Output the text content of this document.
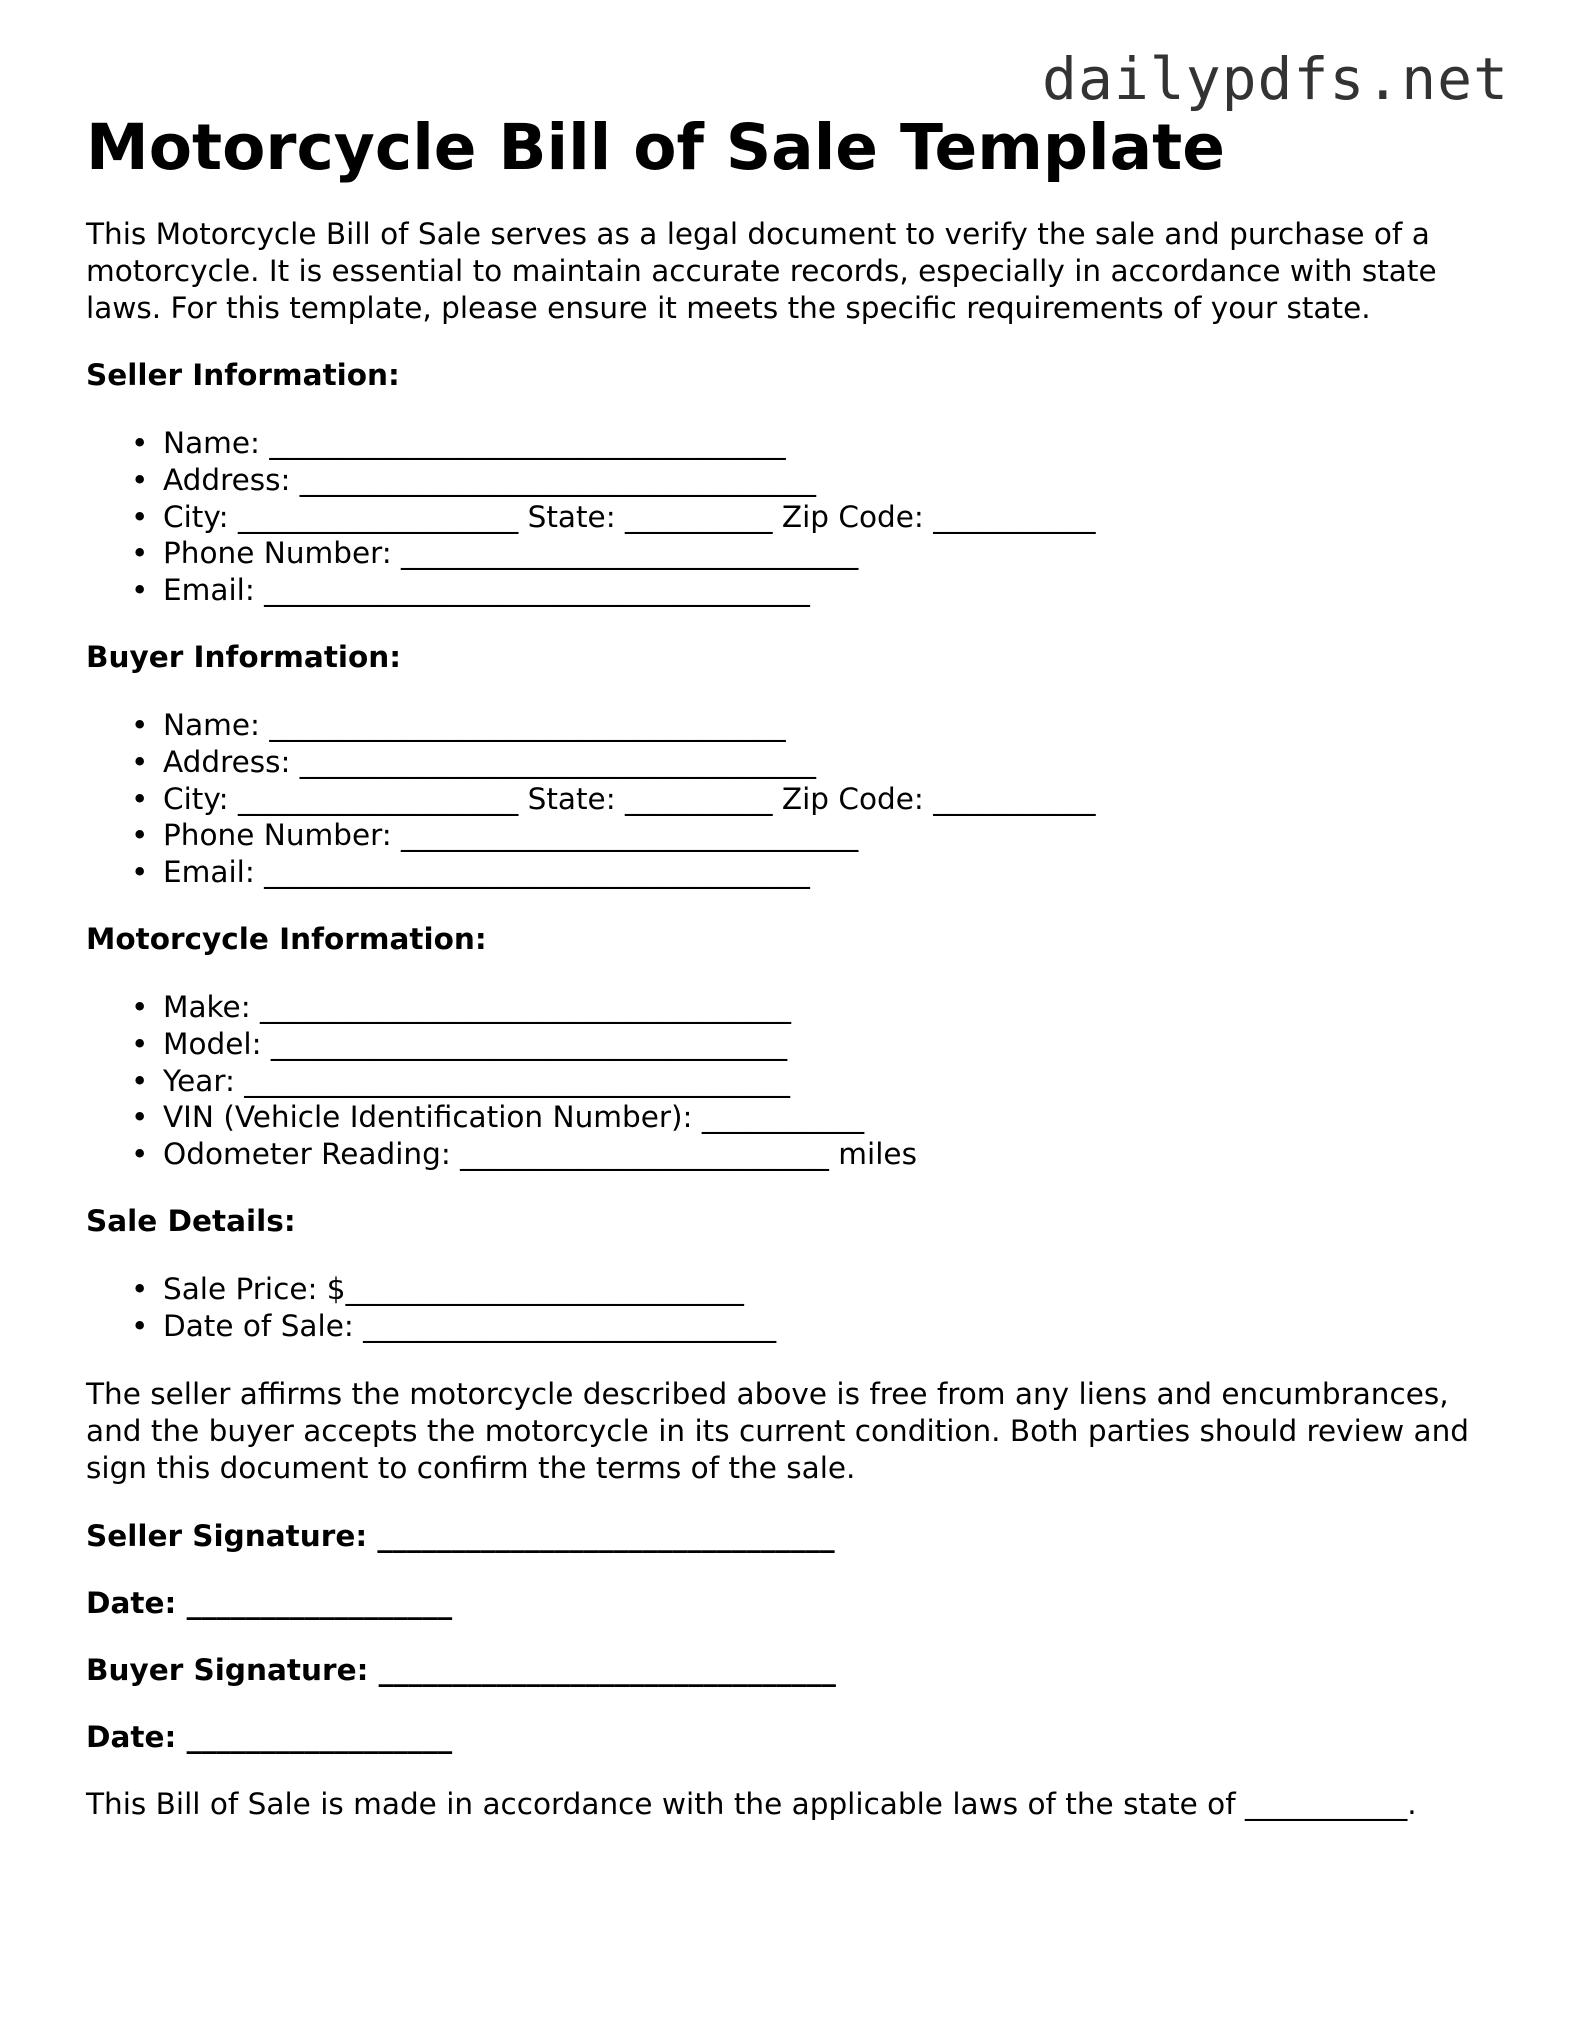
dailypdfs.net
Motorcycle Bill of Sale Template

This Motorcycle Bill of Sale serves as a legal document to verify the sale and purchase of a motorcycle. It is essential to maintain accurate records, especially in accordance with state laws. For this template, please ensure it meets the specific requirements of your state.

Seller Information:
• Name: ___________________________________
• Address: ___________________________________
• City: ___________________ State: __________ Zip Code: ___________
• Phone Number: _______________________________
• Email: _____________________________________
Buyer Information:
• Name: ___________________________________
• Address: ___________________________________
• City: ___________________ State: __________ Zip Code: ___________
• Phone Number: _______________________________
• Email: _____________________________________
Motorcycle Information:
• Make: ____________________________________
• Model: ___________________________________
• Year: _____________________________________
• VIN (Vehicle Identification Number): ___________
• Odometer Reading: _________________________ miles
Sale Details:
• Sale Price: $___________________________
• Date of Sale: ____________________________

The seller affirms the motorcycle described above is free from any liens and encumbrances, and the buyer accepts the motorcycle in its current condition. Both parties should review and sign this document to confirm the terms of the sale.

Seller Signature: _______________________________

Date: __________________

Buyer Signature: _______________________________

Date: __________________

This Bill of Sale is made in accordance with the applicable laws of the state of ___________.
